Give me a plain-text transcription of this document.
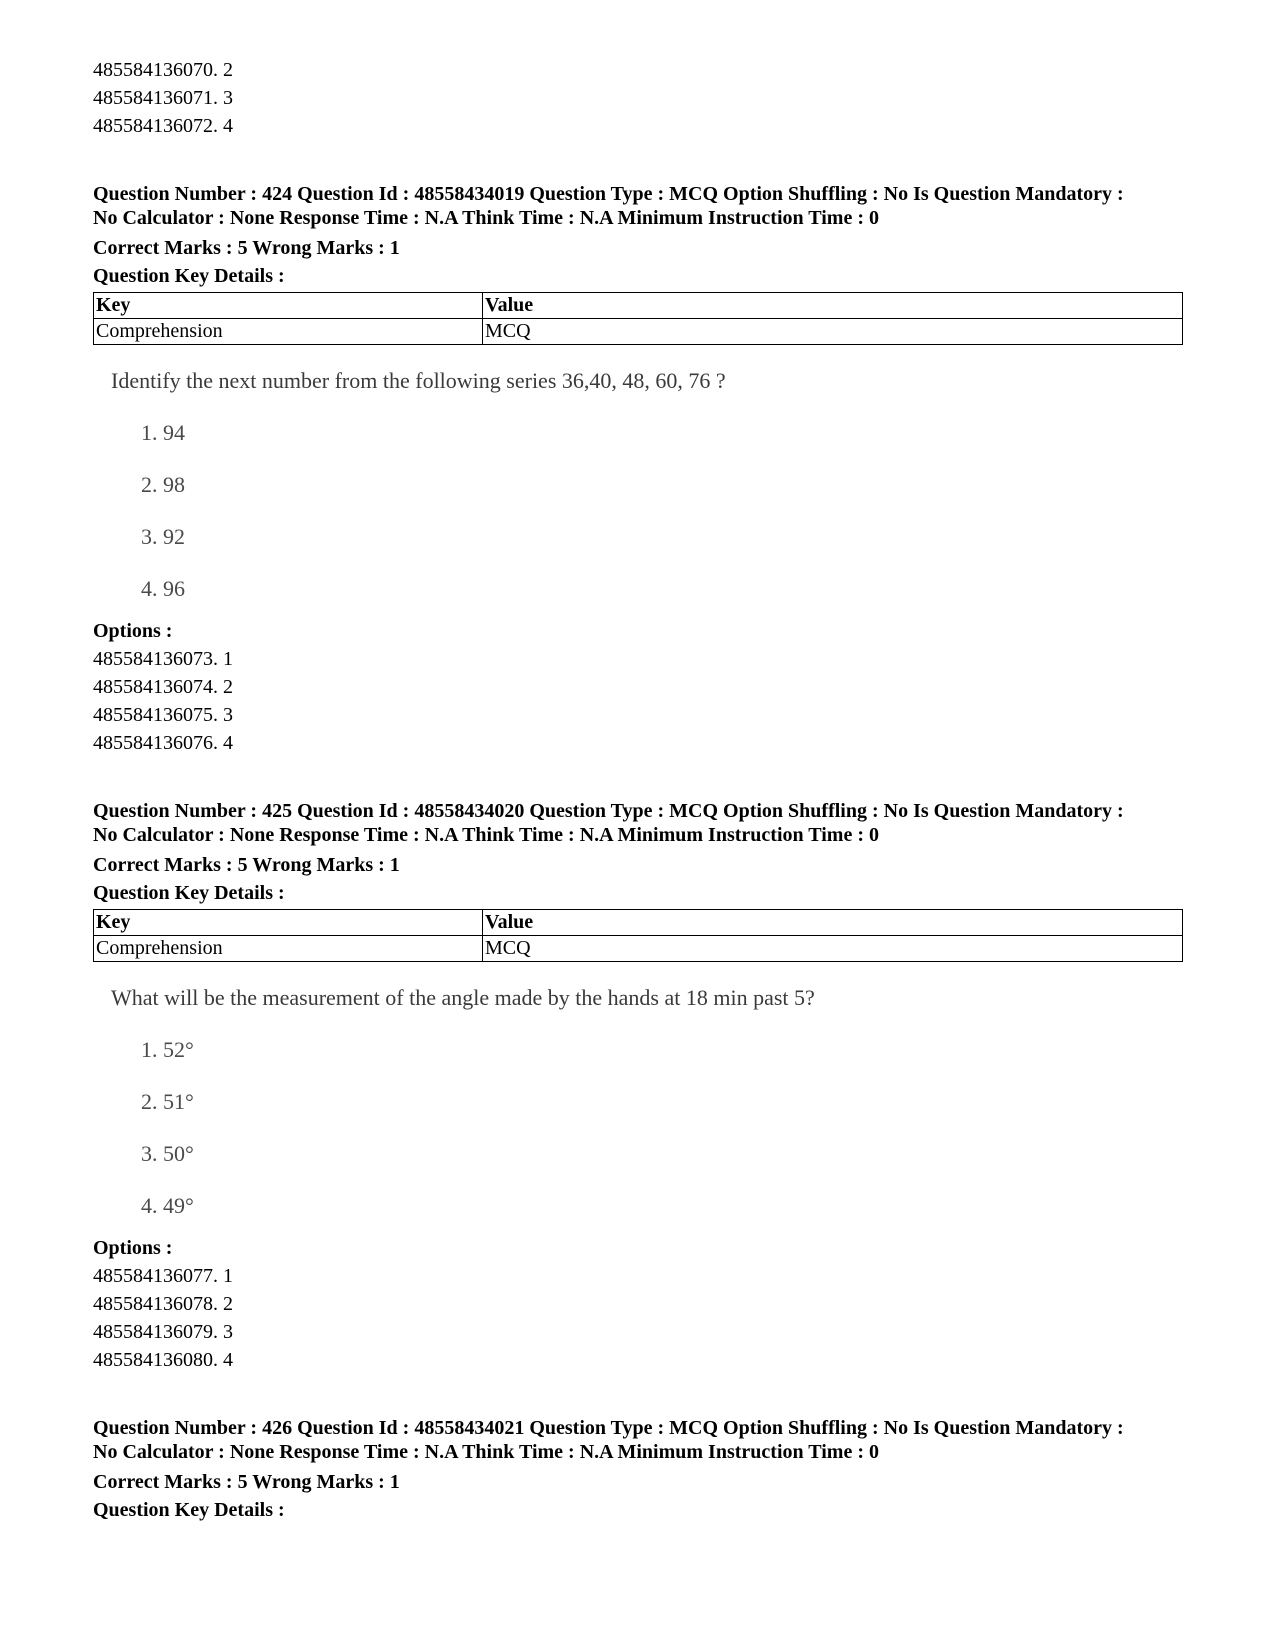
485584136070. 2

485584136071. 3

485584136072. 4

Question Number : 424 Question Id : 48558434019 Question Type : MCQ Option Shuffling : No Is Question Mandatory :

No Calculator : None Response Time : N.A Think Time : N.A Minimum Instruction Time : 0

Correct Marks : 5 Wrong Marks : 1

Question Key Details :

Key	Value
Comprehension	MCQ

Identify the next number from the following series 36,40, 48, 60, 76 ?

1. 94

2. 98

3. 92

4. 96

Options :

485584136073. 1

485584136074. 2

485584136075. 3

485584136076. 4

Question Number : 425 Question Id : 48558434020 Question Type : MCQ Option Shuffling : No Is Question Mandatory :

No Calculator : None Response Time : N.A Think Time : N.A Minimum Instruction Time : 0

Correct Marks : 5 Wrong Marks : 1

Question Key Details :

Key	Value
Comprehension	MCQ

What will be the measurement of the angle made by the hands at 18 min past 5?

1. 52°

2. 51°

3. 50°

4. 49°

Options :

485584136077. 1

485584136078. 2

485584136079. 3

485584136080. 4

Question Number : 426 Question Id : 48558434021 Question Type : MCQ Option Shuffling : No Is Question Mandatory :

No Calculator : None Response Time : N.A Think Time : N.A Minimum Instruction Time : 0

Correct Marks : 5 Wrong Marks : 1

Question Key Details :
